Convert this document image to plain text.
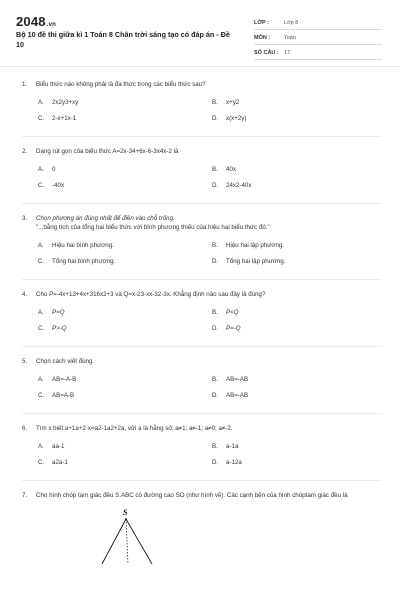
2048.vn
Bộ 10 đề thi giữa kì 1 Toán 8 Chân trời sáng tạo có đáp án - Đề 10
LỚP :	Lớp 8
MÔN :	Toán
SỐ CÂU : 17
1.	Biểu thức nào không phải là đa thức trong các biểu thức sau?
A.	2x2y3+xy	B.	x+y2
C.	2-x+1x-1	D.	x(x+2y)
2.	Dạng rút gọn của biểu thức A=2x-34+6x-6-3x4x-2 là
A.	0	B.	40x
C.	-40x	D.	24x2-40x
3.	Chọn phương án đúng nhất để điền vào chỗ trống.
"...bằng tích của tổng hai biểu thức với bình phương thiếu của hiệu hai biểu thức đó."
A.	Hiệu hai bình phương.	B.	Hiệu hai lập phương.
C.	Tổng hai bình phương.	D.	Tổng hai lập phương.
4.	Cho P=-4x+13+4x+316x2+3 và Q=x-23-xx-32-3x. Khẳng định nào sau đây là đúng?
A.	P=Q	B.	P<Q
C.	P>-Q	D.	P=-Q
5.	Chọn cách viết đúng.
A.	AB=-A-B	B.	AB=-AB
C.	AB=A-B	D.	AB=-AB
6.	Tìm x biết a+1a+2·x=a2-1a2+2a, với a là hằng số; a≠1; a≠-1; a≠0; a≠-2.
A.	aa-1	B.	a-1a
C.	a2a-1	D.	a-12a
7.	Cho hình chóp tam giác đều S.ABC có đường cao SO (như hình vẽ). Các cạnh bên của hình chóptam giác đều là
S
